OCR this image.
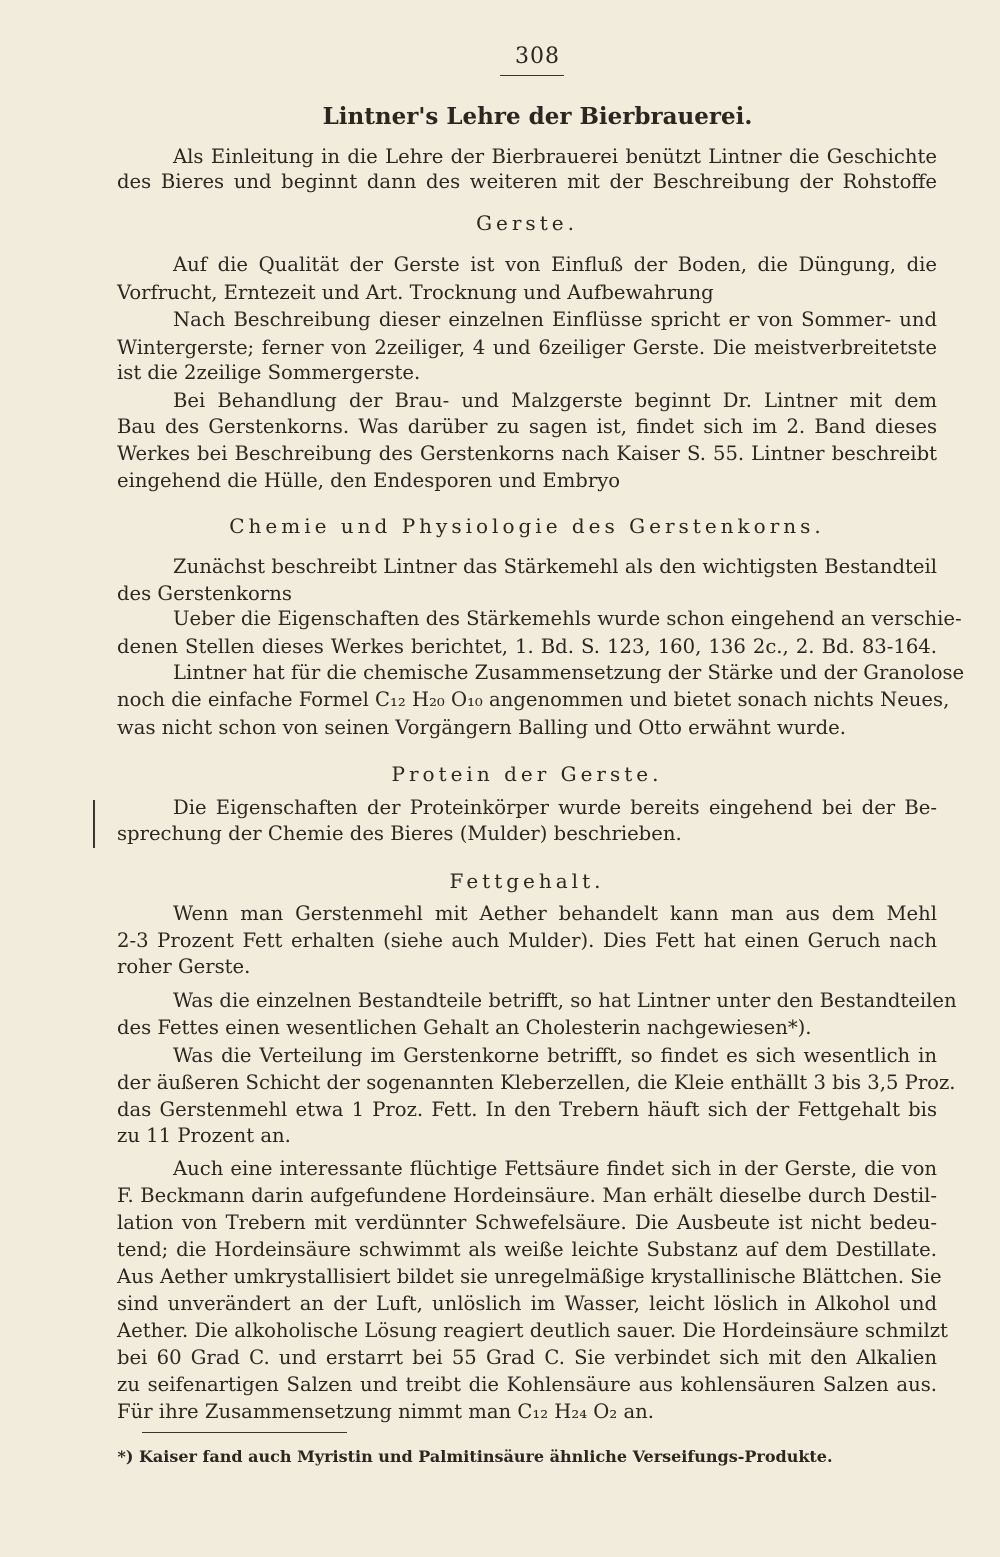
308
Lintner's Lehre der Bierbrauerei.
Als Einleitung in die Lehre der Bierbrauerei benützt Lintner die Geschichte
des Bieres und beginnt dann des weiteren mit der Beschreibung der Rohstoffe
Gerste.
Auf die Qualität der Gerste ist von Einfluß der Boden, die Düngung, die
Vorfrucht, Erntezeit und Art. Trocknung und Aufbewahrung
Nach Beschreibung dieser einzelnen Einflüsse spricht er von Sommer- und
Wintergerste; ferner von 2zeiliger, 4 und 6zeiliger Gerste. Die meistverbreitetste
ist die 2zeilige Sommergerste.
Bei Behandlung der Brau- und Malzgerste beginnt Dr. Lintner mit dem
Bau des Gerstenkorns. Was darüber zu sagen ist, findet sich im 2. Band dieses
Werkes bei Beschreibung des Gerstenkorns nach Kaiser S. 55. Lintner beschreibt
eingehend die Hülle, den Endesporen und Embryo
Chemie und Physiologie des Gerstenkorns.
Zunächst beschreibt Lintner das Stärkemehl als den wichtigsten Bestandteil
des Gerstenkorns
Ueber die Eigenschaften des Stärkemehls wurde schon eingehend an verschie-
denen Stellen dieses Werkes berichtet, 1. Bd. S. 123, 160, 136 2c., 2. Bd. 83-164.
Lintner hat für die chemische Zusammensetzung der Stärke und der Granolose
noch die einfache Formel C₁₂ H₂₀ O₁₀ angenommen und bietet sonach nichts Neues,
was nicht schon von seinen Vorgängern Balling und Otto erwähnt wurde.
Protein der Gerste.
Die Eigenschaften der Proteinkörper wurde bereits eingehend bei der Be-
sprechung der Chemie des Bieres (Mulder) beschrieben.
Fettgehalt.
Wenn man Gerstenmehl mit Aether behandelt kann man aus dem Mehl
2-3 Prozent Fett erhalten (siehe auch Mulder). Dies Fett hat einen Geruch nach
roher Gerste.
Was die einzelnen Bestandteile betrifft, so hat Lintner unter den Bestandteilen
des Fettes einen wesentlichen Gehalt an Cholesterin nachgewiesen*).
Was die Verteilung im Gerstenkorne betrifft, so findet es sich wesentlich in
der äußeren Schicht der sogenannten Kleberzellen, die Kleie enthällt 3 bis 3,5 Proz.
das Gerstenmehl etwa 1 Proz. Fett. In den Trebern häuft sich der Fettgehalt bis
zu 11 Prozent an.
Auch eine interessante flüchtige Fettsäure findet sich in der Gerste, die von
F. Beckmann darin aufgefundene Hordeinsäure. Man erhält dieselbe durch Destil-
lation von Trebern mit verdünnter Schwefelsäure. Die Ausbeute ist nicht bedeu-
tend; die Hordeinsäure schwimmt als weiße leichte Substanz auf dem Destillate.
Aus Aether umkrystallisiert bildet sie unregelmäßige krystallinische Blättchen. Sie
sind unverändert an der Luft, unlöslich im Wasser, leicht löslich in Alkohol und
Aether. Die alkoholische Lösung reagiert deutlich sauer. Die Hordeinsäure schmilzt
bei 60 Grad C. und erstarrt bei 55 Grad C. Sie verbindet sich mit den Alkalien
zu seifenartigen Salzen und treibt die Kohlensäure aus kohlensäuren Salzen aus.
Für ihre Zusammensetzung nimmt man C₁₂ H₂₄ O₂ an.
*) Kaiser fand auch Myristin und Palmitinsäure ähnliche Verseifungs-Produkte.
